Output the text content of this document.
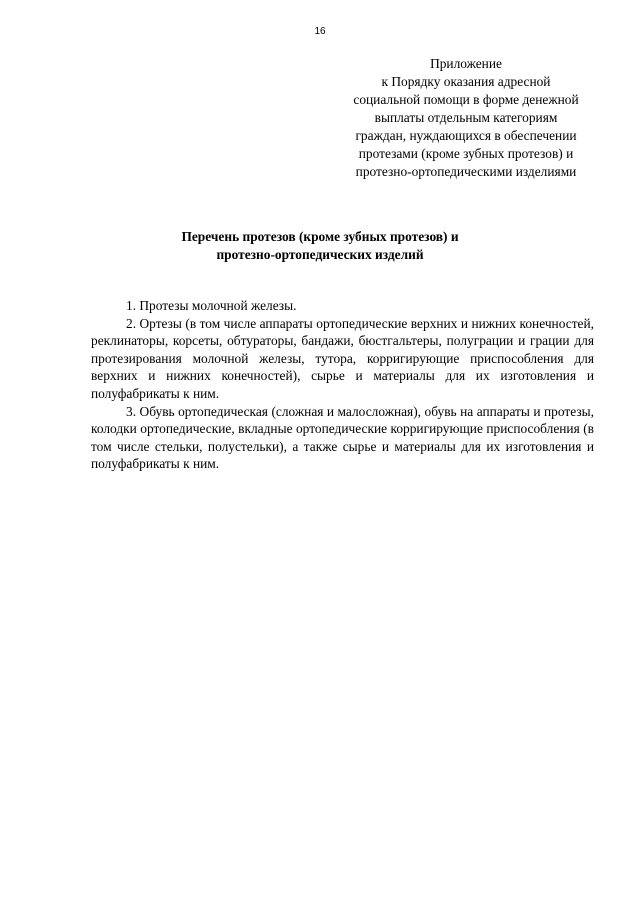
16
Приложение
к Порядку оказания адресной
социальной помощи в форме денежной
выплаты отдельным категориям
граждан, нуждающихся в обеспечении
протезами (кроме зубных протезов) и
протезно-ортопедическими изделиями
Перечень протезов (кроме зубных протезов) и
протезно-ортопедических изделий

1. Протезы молочной железы.

2. Ортезы (в том числе аппараты ортопедические верхних и нижних конечностей, реклинаторы, корсеты, обтураторы, бандажи, бюстгальтеры, полуграции и грации для протезирования молочной железы, тутора, корригирующие приспособления для верхних и нижних конечностей), сырье и материалы для их изготовления и полуфабрикаты к ним.

3. Обувь ортопедическая (сложная и малосложная), обувь на аппараты и протезы, колодки ортопедические, вкладные ортопедические корригирующие приспособления (в том числе стельки, полустельки), а также сырье и материалы для их изготовления и полуфабрикаты к ним.
